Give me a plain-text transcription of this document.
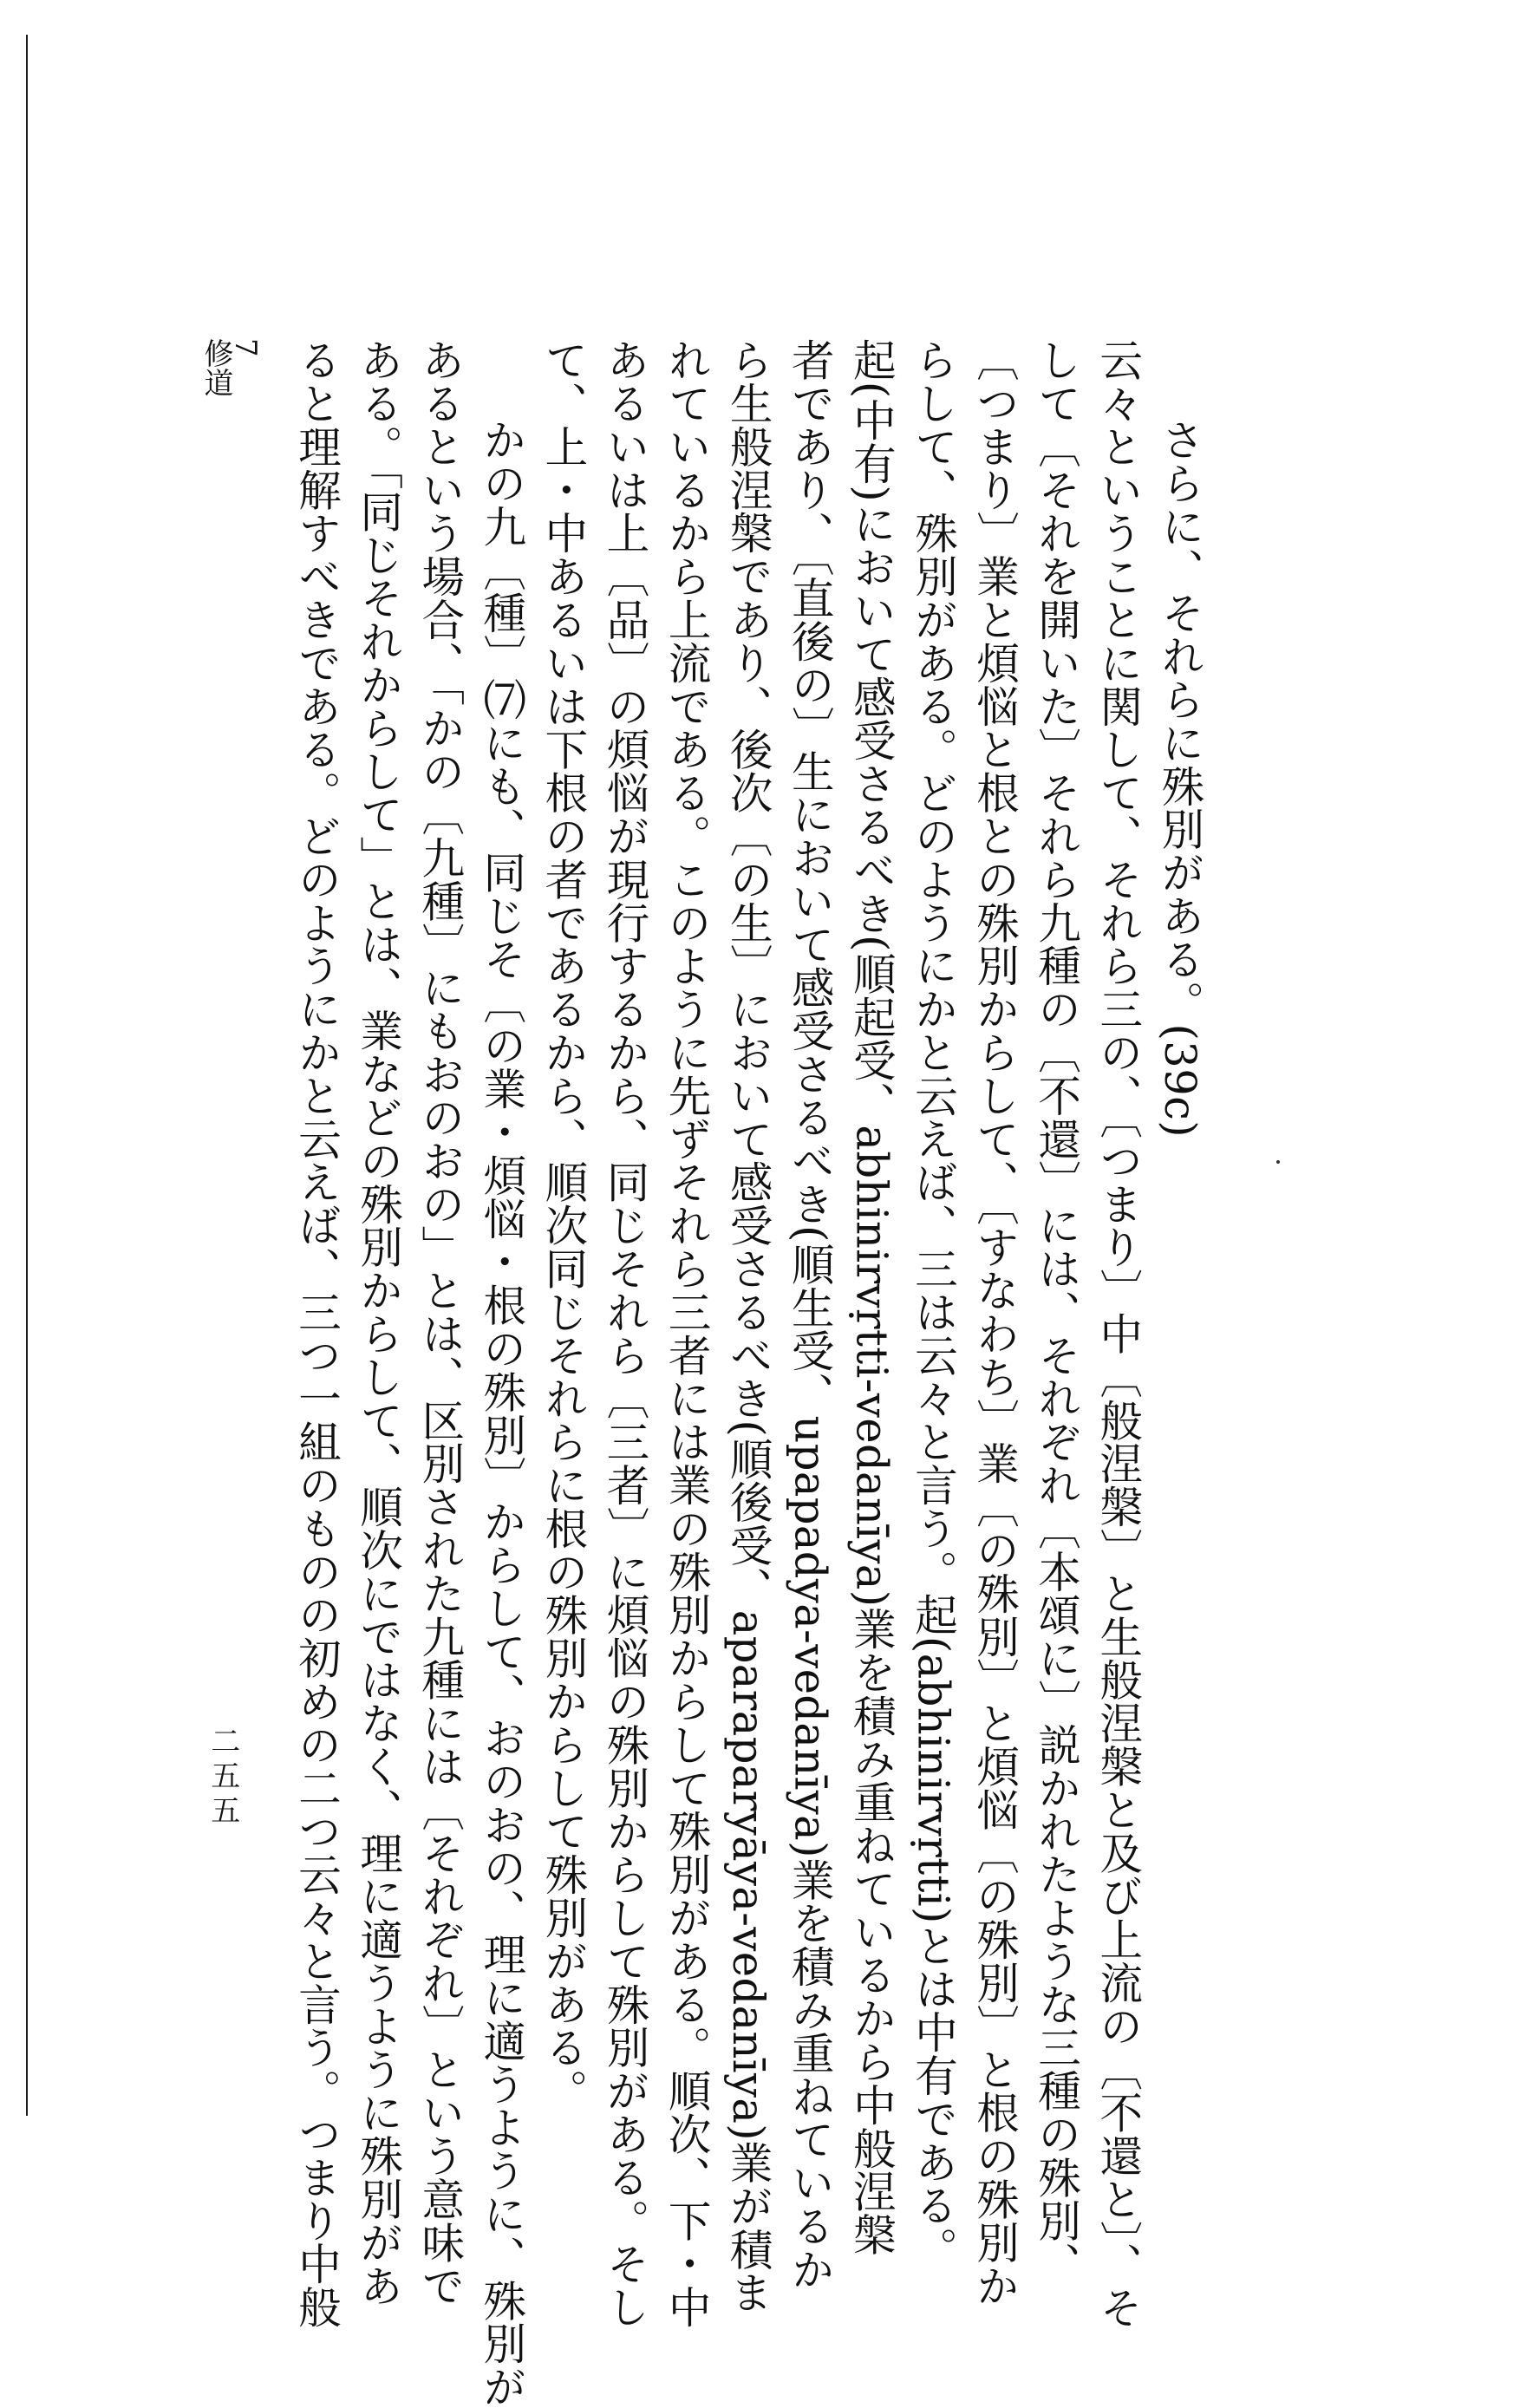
さらに、それらに殊別がある。(39c)
云々ということに関して、それら三の、〔つまり〕中〔般涅槃〕と生般涅槃と及び上流の〔不還と〕、そ
して〔それを開いた〕それら九種の〔不還〕には、それぞれ〔本頌に〕説かれたような三種の殊別、
〔つまり〕業と煩悩と根との殊別からして、〔すなわち〕業〔の殊別〕と煩悩〔の殊別〕と根の殊別か
らして、殊別がある。どのようにかと云えば、三は云々と言う。起(abhinirvṛtti)とは中有である。
起(中有)において感受さるべき(順起受、abhinirvṛtti-vedanīya)業を積み重ねているから中般涅槃
者であり、〔直後の〕生において感受さるべき(順生受、upapadya-vedanīya)業を積み重ねているか
ら生般涅槃であり、後次〔の生〕において感受さるべき(順後受、aparaparyāya-vedanīya)業が積ま
れているから上流である。このように先ずそれら三者には業の殊別からして殊別がある。順次、下・中
あるいは上〔品〕の煩悩が現行するから、同じそれら〔三者〕に煩悩の殊別からして殊別がある。そし
て、上・中あるいは下根の者であるから、順次同じそれらに根の殊別からして殊別がある。
かの九〔種〕⑺にも、同じそ〔の業・煩悩・根の殊別〕からして、おのおの、理に適うように、殊別が
あるという場合、「かの〔九種〕にもおのおの」とは、区別された九種には〔それぞれ〕という意味で
ある。「同じそれからして」とは、業などの殊別からして、順次にではなく、理に適うように殊別があ
ると理解すべきである。どのようにかと云えば、三つ一組のものの初めの二つ云々と言う。つまり中般
7
修道
二五五
